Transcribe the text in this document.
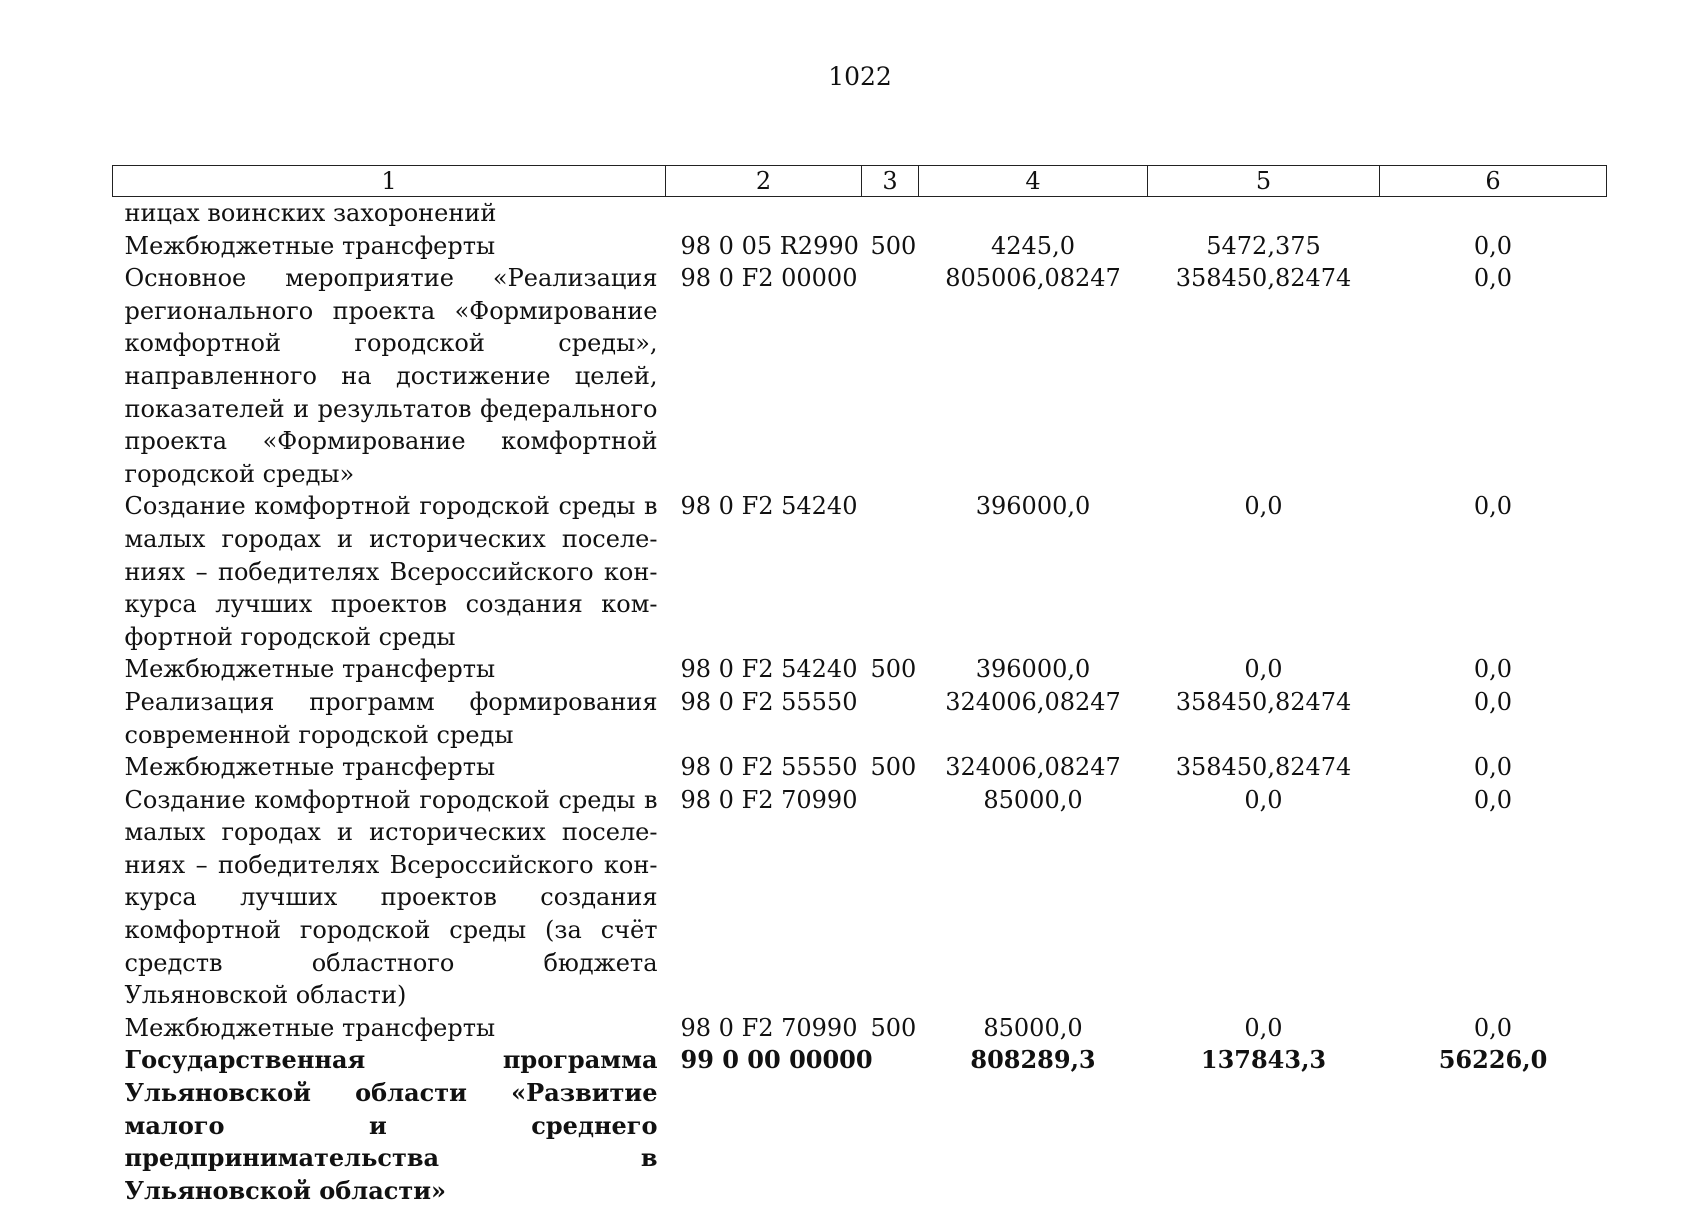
1022
1	2	3	4	5	6
ницах воинских захоронений					
Межбюджетные трансферты	98 0 05 R2990	500	4245,0	5472,375	0,0
Основное мероприятие «Реализация регионального проекта «Формирование комфортной городской среды», направленного на достижение целей, показателей и результатов федерального проекта «Формирование комфортной городской среды»	98 0 F2 00000		805006,08247	358450,82474	0,0
Создание комфортной городской среды в малых городах и исторических поселениях – победителях Всероссийского конкурса лучших проектов создания комфортной городской среды	98 0 F2 54240		396000,0	0,0	0,0
Межбюджетные трансферты	98 0 F2 54240	500	396000,0	0,0	0,0
Реализация программ формирования современной городской среды	98 0 F2 55550		324006,08247	358450,82474	0,0
Межбюджетные трансферты	98 0 F2 55550	500	324006,08247	358450,82474	0,0
Создание комфортной городской среды в малых городах и исторических поселениях – победителях Всероссийского конкурса лучших проектов создания комфортной городской среды (за счёт средств областного бюджета Ульяновской области)	98 0 F2 70990		85000,0	0,0	0,0
Межбюджетные трансферты	98 0 F2 70990	500	85000,0	0,0	0,0
Государственная программа Ульяновской области «Развитие малого и среднего предпринимательства в Ульяновской области»	99 0 00 00000		808289,3	137843,3	56226,0
